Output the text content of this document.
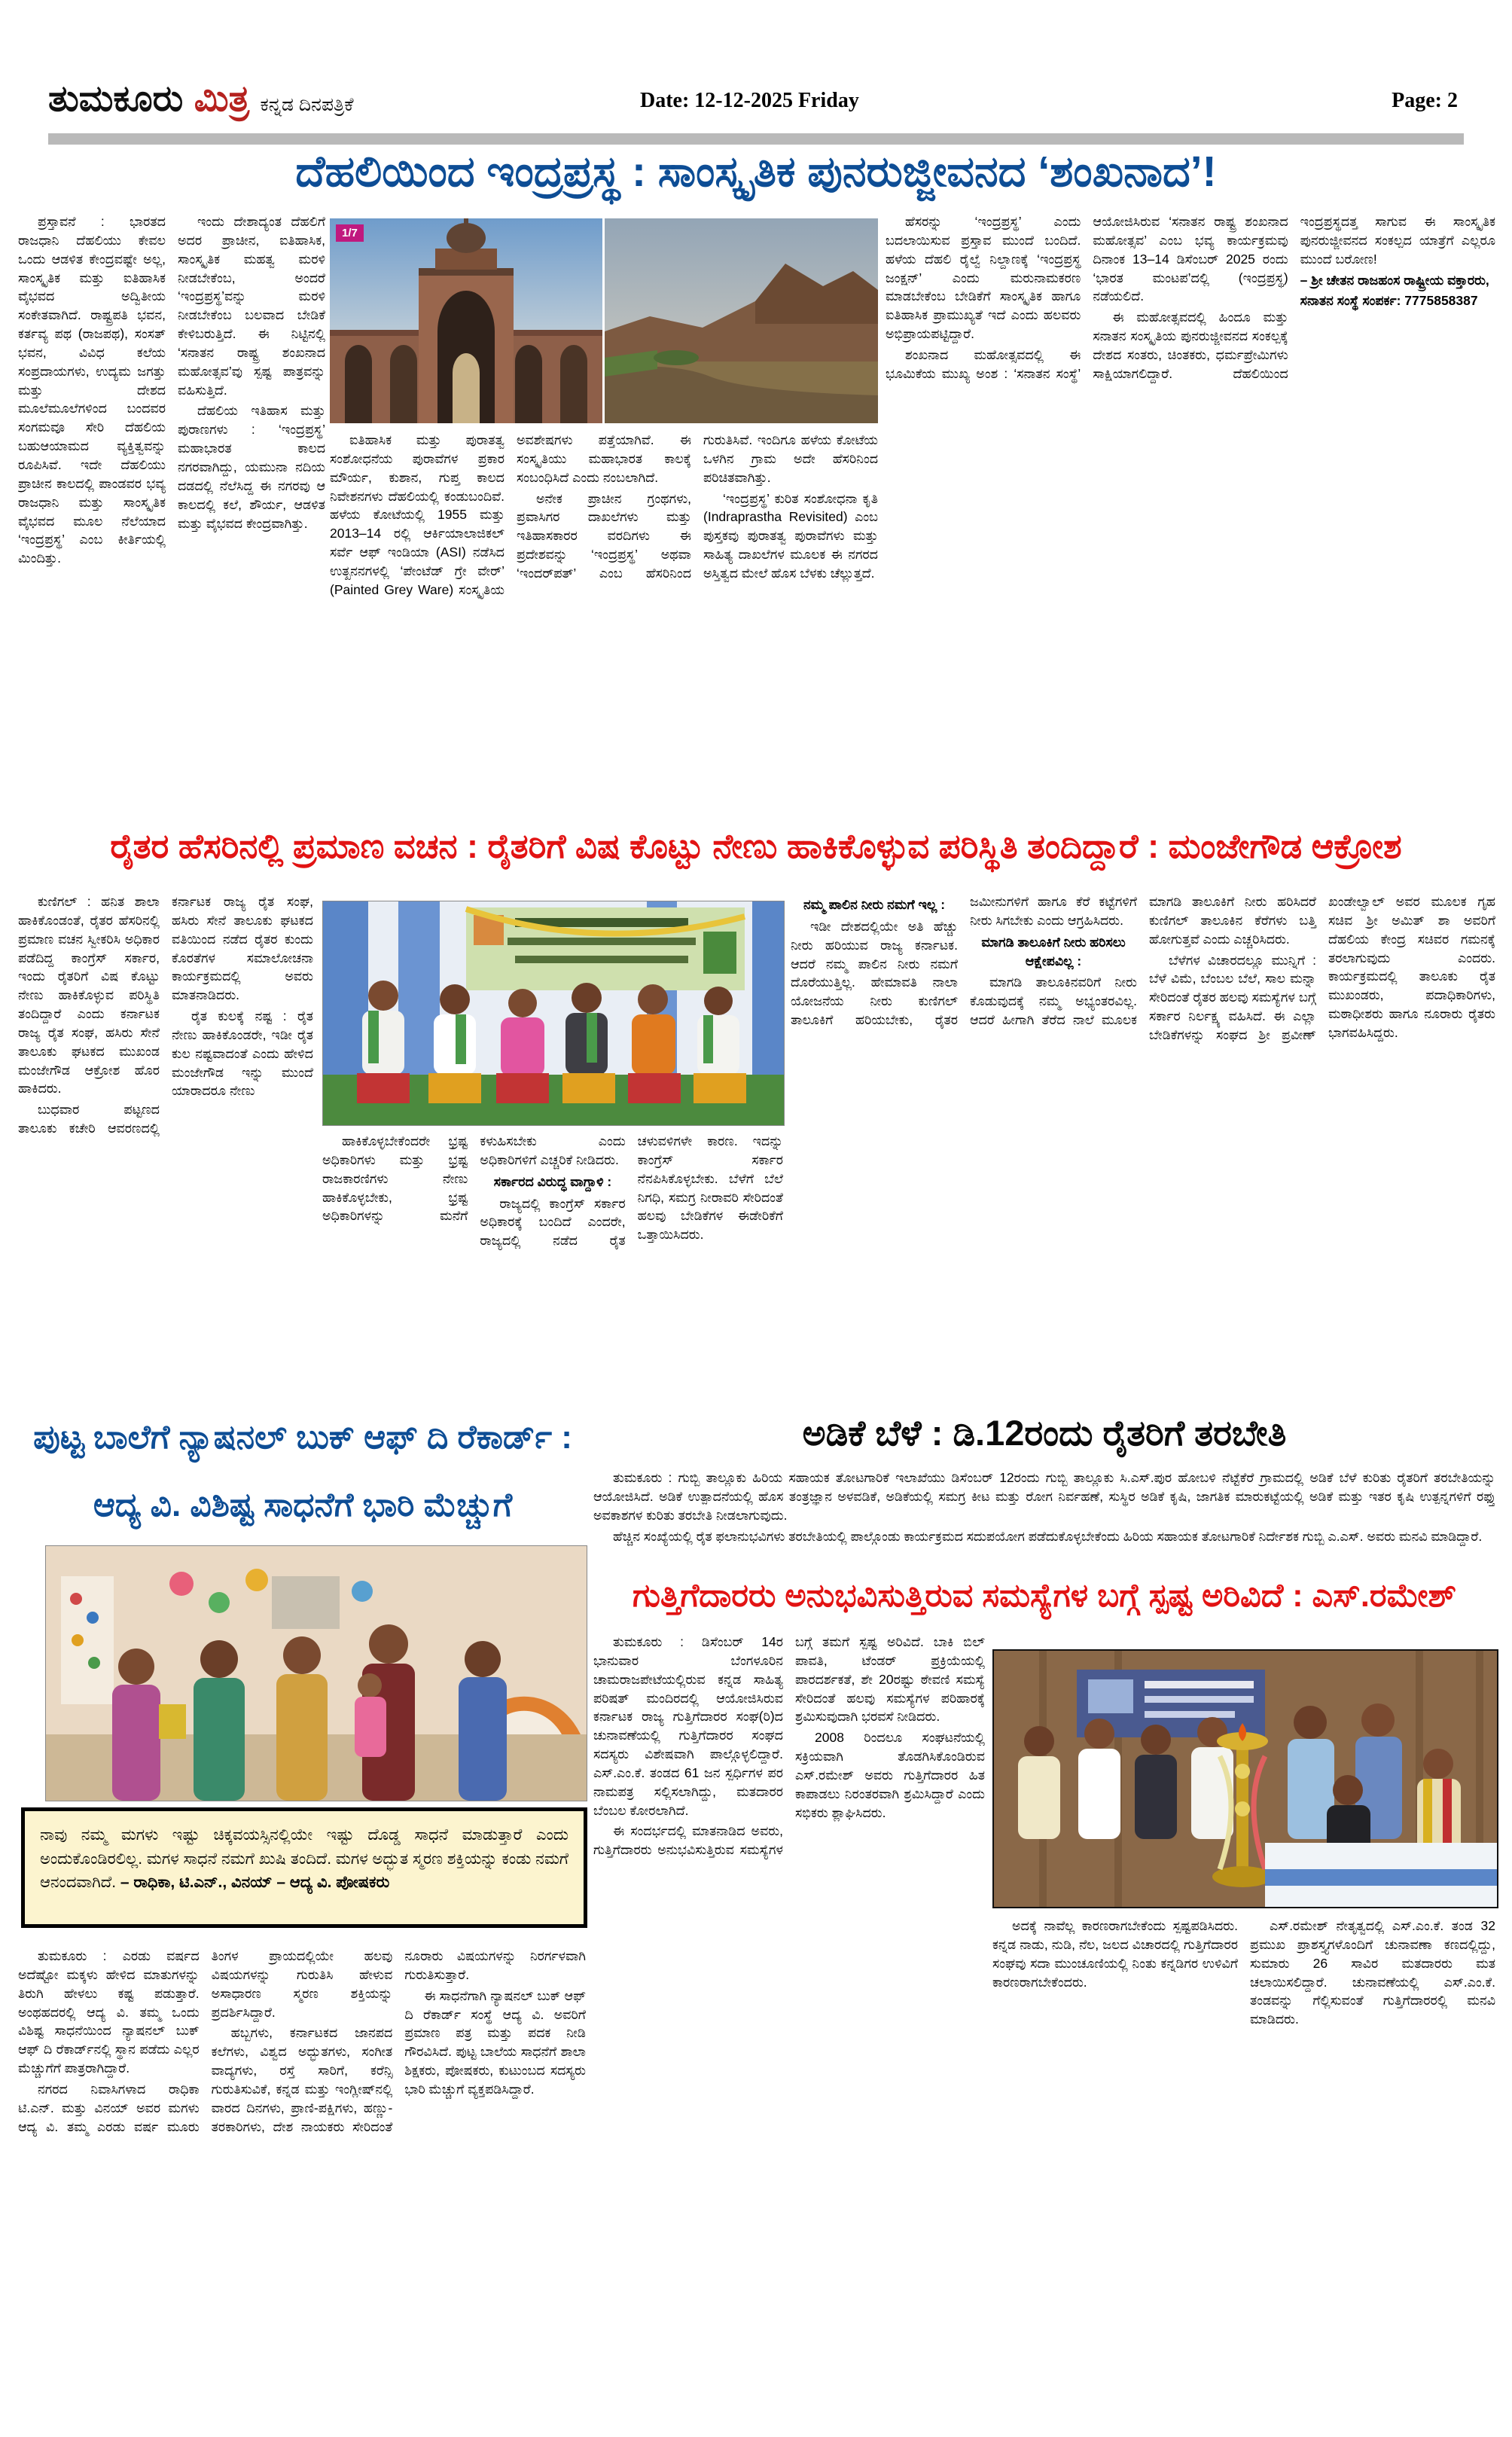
ತುಮಕೂರು ಮಿತ್ರ ಕನ್ನಡ ದಿನಪತ್ರಿಕೆ	Date: 12-12-2025 Friday	Page: 2
ದೆಹಲಿಯಿಂದ ಇಂದ್ರಪ್ರಸ್ಥ : ಸಾಂಸ್ಕೃತಿಕ ಪುನರುಜ್ಜೀವನದ ‘ಶಂಖನಾದ’!

ಪ್ರಸ್ತಾವನೆ : ಭಾರತದ ರಾಜಧಾನಿ ದೆಹಲಿಯು ಕೇವಲ ಒಂದು ಆಡಳಿತ ಕೇಂದ್ರವಷ್ಟೇ ಅಲ್ಲ, ಸಾಂಸ್ಕೃತಿಕ ಮತ್ತು ಐತಿಹಾಸಿಕ ವೈಭವದ ಅದ್ವಿತೀಯ ಸಂಕೇತವಾಗಿದೆ. ರಾಷ್ಟ್ರಪತಿ ಭವನ, ಕರ್ತವ್ಯ ಪಥ (ರಾಜಪಥ), ಸಂಸತ್ ಭವನ, ವಿವಿಧ ಕಲೆಯ ಸಂಪ್ರದಾಯಗಳು, ಉದ್ಯಮ ಜಗತ್ತು ಮತ್ತು ದೇಶದ ಮೂಲೆಮೂಲೆಗಳಿಂದ ಬಂದವರ ಸಂಗಮವೂ ಸೇರಿ ದೆಹಲಿಯ ಬಹುಆಯಾಮದ ವ್ಯಕ್ತಿತ್ವವನ್ನು ರೂಪಿಸಿವೆ. ಇದೇ ದೆಹಲಿಯು ಪ್ರಾಚೀನ ಕಾಲದಲ್ಲಿ ಪಾಂಡವರ ಭವ್ಯ ರಾಜಧಾನಿ ಮತ್ತು ಸಾಂಸ್ಕೃತಿಕ ವೈಭವದ ಮೂಲ ನೆಲೆಯಾದ ‘ಇಂದ್ರಪ್ರಸ್ಥ’ ಎಂಬ ಕೀರ್ತಿಯಲ್ಲಿ ಮಿಂದಿತ್ತು.

ಇಂದು ದೇಶಾದ್ಯಂತ ದೆಹಲಿಗೆ ಅದರ ಪ್ರಾಚೀನ, ಐತಿಹಾಸಿಕ, ಸಾಂಸ್ಕೃತಿಕ ಮಹತ್ವ ಮರಳಿ ನೀಡಬೇಕೆಂಬ, ಅಂದರೆ ‘ಇಂದ್ರಪ್ರಸ್ಥ’ವನ್ನು ಮರಳಿ ನೀಡಬೇಕೆಂಬ ಬಲವಾದ ಬೇಡಿಕೆ ಕೇಳಿಬರುತ್ತಿದೆ. ಈ ನಿಟ್ಟಿನಲ್ಲಿ ‘ಸನಾತನ ರಾಷ್ಟ್ರ ಶಂಖನಾದ ಮಹೋತ್ಸವ’ವು ಸ್ಪಷ್ಟ ಪಾತ್ರವನ್ನು ವಹಿಸುತ್ತಿದೆ.

ದೆಹಲಿಯ ಇತಿಹಾಸ ಮತ್ತು ಪುರಾಣಗಳು : ‘ಇಂದ್ರಪ್ರಸ್ಥ’ ಮಹಾಭಾರತ ಕಾಲದ ನಗರವಾಗಿದ್ದು, ಯಮುನಾ ನದಿಯ ದಡದಲ್ಲಿ ನೆಲೆಸಿದ್ದ ಈ ನಗರವು ಆ ಕಾಲದಲ್ಲಿ ಕಲೆ, ಶೌರ್ಯ, ಆಡಳಿತ ಮತ್ತು ವೈಭವದ ಕೇಂದ್ರವಾಗಿತ್ತು.

1/7

ಐತಿಹಾಸಿಕ ಮತ್ತು ಪುರಾತತ್ವ ಸಂಶೋಧನೆಯ ಪುರಾವೆಗಳ ಪ್ರಕಾರ ಮೌರ್ಯ, ಕುಶಾನ, ಗುಪ್ತ ಕಾಲದ ನಿವೇಶನಗಳು ದೆಹಲಿಯಲ್ಲಿ ಕಂಡುಬಂದಿವೆ. ಹಳೆಯ ಕೋಟೆಯಲ್ಲಿ 1955 ಮತ್ತು 2013–14 ರಲ್ಲಿ ಆರ್ಕಿಯಾಲಾಜಿಕಲ್ ಸರ್ವೆ ಆಫ್ ಇಂಡಿಯಾ (ASI) ನಡೆಸಿದ ಉತ್ಖನನಗಳಲ್ಲಿ ‘ಪೇಂಟೆಡ್ ಗ್ರೇ ವೇರ್’ (Painted Grey Ware) ಸಂಸ್ಕೃತಿಯ ಅವಶೇಷಗಳು ಪತ್ತೆಯಾಗಿವೆ. ಈ ಸಂಸ್ಕೃತಿಯು ಮಹಾಭಾರತ ಕಾಲಕ್ಕೆ ಸಂಬಂಧಿಸಿದೆ ಎಂದು ನಂಬಲಾಗಿದೆ.

ಅನೇಕ ಪ್ರಾಚೀನ ಗ್ರಂಥಗಳು, ಪ್ರವಾಸಿಗರ ದಾಖಲೆಗಳು ಮತ್ತು ಇತಿಹಾಸಕಾರರ ವರದಿಗಳು ಈ ಪ್ರದೇಶವನ್ನು ‘ಇಂದ್ರಪ್ರಸ್ಥ’ ಅಥವಾ ‘ಇಂದರ್‌ಪತ್’ ಎಂಬ ಹೆಸರಿನಿಂದ ಗುರುತಿಸಿವೆ. ಇಂದಿಗೂ ಹಳೆಯ ಕೋಟೆಯ ಒಳಗಿನ ಗ್ರಾಮ ಅದೇ ಹೆಸರಿನಿಂದ ಪರಿಚಿತವಾಗಿತ್ತು.

‘ಇಂದ್ರಪ್ರಸ್ಥ’ ಕುರಿತ ಸಂಶೋಧನಾ ಕೃತಿ (Indraprastha Revisited) ಎಂಬ ಪುಸ್ತಕವು ಪುರಾತತ್ವ ಪುರಾವೆಗಳು ಮತ್ತು ಸಾಹಿತ್ಯ ದಾಖಲೆಗಳ ಮೂಲಕ ಈ ನಗರದ ಅಸ್ತಿತ್ವದ ಮೇಲೆ ಹೊಸ ಬೆಳಕು ಚೆಲ್ಲುತ್ತದೆ.

ಹೆಸರನ್ನು ‘ಇಂದ್ರಪ್ರಸ್ಥ’ ಎಂದು ಬದಲಾಯಿಸುವ ಪ್ರಸ್ತಾವ ಮುಂದೆ ಬಂದಿದೆ. ಹಳೆಯ ದೆಹಲಿ ರೈಲ್ವೆ ನಿಲ್ದಾಣಕ್ಕೆ ‘ಇಂದ್ರಪ್ರಸ್ಥ ಜಂಕ್ಷನ್’ ಎಂದು ಮರುನಾಮಕರಣ ಮಾಡಬೇಕೆಂಬ ಬೇಡಿಕೆಗೆ ಸಾಂಸ್ಕೃತಿಕ ಹಾಗೂ ಐತಿಹಾಸಿಕ ಪ್ರಾಮುಖ್ಯತೆ ಇದೆ ಎಂದು ಹಲವರು ಅಭಿಪ್ರಾಯಪಟ್ಟಿದ್ದಾರೆ.

ಶಂಖನಾದ ಮಹೋತ್ಸವದಲ್ಲಿ ಈ ಭೂಮಿಕೆಯ ಮುಖ್ಯ ಅಂಶ : ‘ಸನಾತನ ಸಂಸ್ಥೆ’ ಆಯೋಜಿಸಿರುವ ‘ಸನಾತನ ರಾಷ್ಟ್ರ ಶಂಖನಾದ ಮಹೋತ್ಸವ’ ಎಂಬ ಭವ್ಯ ಕಾರ್ಯಕ್ರಮವು ದಿನಾಂಕ 13–14 ಡಿಸೆಂಬರ್ 2025 ರಂದು ‘ಭಾರತ ಮಂಟಪ’ದಲ್ಲಿ (ಇಂದ್ರಪ್ರಸ್ಥ) ನಡೆಯಲಿದೆ.

ಈ ಮಹೋತ್ಸವದಲ್ಲಿ ಹಿಂದೂ ಮತ್ತು ಸನಾತನ ಸಂಸ್ಕೃತಿಯ ಪುನರುಜ್ಜೀವನದ ಸಂಕಲ್ಪಕ್ಕೆ ದೇಶದ ಸಂತರು, ಚಿಂತಕರು, ಧರ್ಮಪ್ರೇಮಿಗಳು ಸಾಕ್ಷಿಯಾಗಲಿದ್ದಾರೆ. ದೆಹಲಿಯಿಂದ ಇಂದ್ರಪ್ರಸ್ಥದತ್ತ ಸಾಗುವ ಈ ಸಾಂಸ್ಕೃತಿಕ ಪುನರುಜ್ಜೀವನದ ಸಂಕಲ್ಪದ ಯಾತ್ರೆಗೆ ಎಲ್ಲರೂ ಮುಂದೆ ಬರೋಣ!

– ಶ್ರೀ ಚೇತನ ರಾಜಹಂಸ ರಾಷ್ಟ್ರೀಯ ವಕ್ತಾರರು,

ಸನಾತನ ಸಂಸ್ಥೆ ಸಂಪರ್ಕ: 7775858387

ರೈತರ ಹೆಸರಿನಲ್ಲಿ ಪ್ರಮಾಣ ವಚನ : ರೈತರಿಗೆ ವಿಷ ಕೊಟ್ಟು ನೇಣು ಹಾಕಿಕೊಳ್ಳುವ ಪರಿಸ್ಥಿತಿ ತಂದಿದ್ದಾರೆ : ಮಂಜೇಗೌಡ ಆಕ್ರೋಶ

ಕುಣಿಗಲ್ : ಹನಿತ ಶಾಲಾ ಹಾಕಿಕೊಂಡಂತೆ, ರೈತರ ಹೆಸರಿನಲ್ಲಿ ಪ್ರಮಾಣ ವಚನ ಸ್ವೀಕರಿಸಿ ಅಧಿಕಾರ ಪಡೆದಿದ್ದ ಕಾಂಗ್ರೆಸ್ ಸರ್ಕಾರ, ಇಂದು ರೈತರಿಗೆ ವಿಷ ಕೊಟ್ಟು ನೇಣು ಹಾಕಿಕೊಳ್ಳುವ ಪರಿಸ್ಥಿತಿ ತಂದಿದ್ದಾರೆ ಎಂದು ಕರ್ನಾಟಕ ರಾಜ್ಯ ರೈತ ಸಂಘ, ಹಸಿರು ಸೇನೆ ತಾಲೂಕು ಘಟಕದ ಮುಖಂಡ ಮಂಜೇಗೌಡ ಆಕ್ರೋಶ ಹೊರ ಹಾಕಿದರು.

ಬುಧವಾರ ಪಟ್ಟಣದ ತಾಲೂಕು ಕಚೇರಿ ಆವರಣದಲ್ಲಿ ಕರ್ನಾಟಕ ರಾಜ್ಯ ರೈತ ಸಂಘ, ಹಸಿರು ಸೇನೆ ತಾಲೂಕು ಘಟಕದ ವತಿಯಿಂದ ನಡೆದ ರೈತರ ಕುಂದು ಕೊರತೆಗಳ ಸಮಾಲೋಚನಾ ಕಾರ್ಯಕ್ರಮದಲ್ಲಿ ಅವರು ಮಾತನಾಡಿದರು.

ರೈತ ಕುಲಕ್ಕೆ ನಷ್ಟ : ರೈತ ನೇಣು ಹಾಕಿಕೊಂಡರೇ, ಇಡೀ ರೈತ ಕುಲ ನಷ್ಟವಾದಂತೆ ಎಂದು ಹೇಳಿದ ಮಂಜೇಗೌಡ ಇನ್ನು ಮುಂದೆ ಯಾರಾದರೂ ನೇಣು

ಹಾಕಿಕೊಳ್ಳಬೇಕೆಂದರೇ ಭ್ರಷ್ಟ ಅಧಿಕಾರಿಗಳು ಮತ್ತು ಭ್ರಷ್ಟ ರಾಜಕಾರಣಿಗಳು ನೇಣು ಹಾಕಿಕೊಳ್ಳಬೇಕು, ಭ್ರಷ್ಟ ಅಧಿಕಾರಿಗಳನ್ನು ಮನೆಗೆ ಕಳುಹಿಸಬೇಕು ಎಂದು ಅಧಿಕಾರಿಗಳಿಗೆ ಎಚ್ಚರಿಕೆ ನೀಡಿದರು.

ಸರ್ಕಾರದ ವಿರುದ್ಧ ವಾಗ್ದಾಳಿ :

ರಾಜ್ಯದಲ್ಲಿ ಕಾಂಗ್ರೆಸ್ ಸರ್ಕಾರ ಅಧಿಕಾರಕ್ಕೆ ಬಂದಿದೆ ಎಂದರೇ, ರಾಜ್ಯದಲ್ಲಿ ನಡೆದ ರೈತ ಚಳುವಳಿಗಳೇ ಕಾರಣ. ಇದನ್ನು ಕಾಂಗ್ರೆಸ್ ಸರ್ಕಾರ ನೆನಪಿಸಿಕೊಳ್ಳಬೇಕು. ಬೆಳೆಗೆ ಬೆಲೆ ನಿಗಧಿ, ಸಮಗ್ರ ನೀರಾವರಿ ಸೇರಿದಂತೆ ಹಲವು ಬೇಡಿಕೆಗಳ ಈಡೇರಿಕೆಗೆ ಒತ್ತಾಯಿಸಿದರು.

ನಮ್ಮ ಪಾಲಿನ ನೀರು ನಮಗೆ ಇಲ್ಲ :

ಇಡೀ ದೇಶದಲ್ಲಿಯೇ ಅತಿ ಹೆಚ್ಚು ನೀರು ಹರಿಯುವ ರಾಜ್ಯ ಕರ್ನಾಟಕ. ಆದರೆ ನಮ್ಮ ಪಾಲಿನ ನೀರು ನಮಗೆ ದೊರೆಯುತ್ತಿಲ್ಲ. ಹೇಮಾವತಿ ನಾಲಾ ಯೋಜನೆಯ ನೀರು ಕುಣಿಗಲ್ ತಾಲೂಕಿಗೆ ಹರಿಯಬೇಕು, ರೈತರ ಜಮೀನುಗಳಿಗೆ ಹಾಗೂ ಕೆರೆ ಕಟ್ಟೆಗಳಿಗೆ ನೀರು ಸಿಗಬೇಕು ಎಂದು ಆಗ್ರಹಿಸಿದರು.

ಮಾಗಡಿ ತಾಲೂಕಿಗೆ ನೀರು ಹರಿಸಲು ಆಕ್ಷೇಪವಿಲ್ಲ :

ಮಾಗಡಿ ತಾಲೂಕಿನವರಿಗೆ ನೀರು ಕೊಡುವುದಕ್ಕೆ ನಮ್ಮ ಅಭ್ಯಂತರವಿಲ್ಲ. ಆದರೆ ಹೀಗಾಗಿ ತೆರೆದ ನಾಲೆ ಮೂಲಕ ಮಾಗಡಿ ತಾಲೂಕಿಗೆ ನೀರು ಹರಿಸಿದರೆ ಕುಣಿಗಲ್ ತಾಲೂಕಿನ ಕೆರೆಗಳು ಬತ್ತಿ ಹೋಗುತ್ತವೆ ಎಂದು ಎಚ್ಚರಿಸಿದರು.

ಬೆಳೆಗಳ ವಿಚಾರದಲ್ಲೂ ಮುನ್ನಿಗೆ : ಬೆಳೆ ವಿಮೆ, ಬೆಂಬಲ ಬೆಲೆ, ಸಾಲ ಮನ್ನಾ ಸೇರಿದಂತೆ ರೈತರ ಹಲವು ಸಮಸ್ಯೆಗಳ ಬಗ್ಗೆ ಸರ್ಕಾರ ನಿರ್ಲಕ್ಷ್ಯ ವಹಿಸಿದೆ. ಈ ಎಲ್ಲಾ ಬೇಡಿಕೆಗಳನ್ನು ಸಂಘದ ಶ್ರೀ ಪ್ರವೀಣ್ ಖಂಡೇಲ್ವಾಲ್ ಅವರ ಮೂಲಕ ಗೃಹ ಸಚಿವ ಶ್ರೀ ಅಮಿತ್ ಶಾ ಅವರಿಗೆ ದೆಹಲಿಯ ಕೇಂದ್ರ ಸಚಿವರ ಗಮನಕ್ಕೆ ತರಲಾಗುವುದು ಎಂದರು. ಕಾರ್ಯಕ್ರಮದಲ್ಲಿ ತಾಲೂಕು ರೈತ ಮುಖಂಡರು, ಪದಾಧಿಕಾರಿಗಳು, ಮಠಾಧೀಶರು ಹಾಗೂ ನೂರಾರು ರೈತರು ಭಾಗವಹಿಸಿದ್ದರು.

ಪುಟ್ಟ ಬಾಲೆಗೆ ನ್ಯಾಷನಲ್ ಬುಕ್ ಆಫ್ ದಿ ರೆಕಾರ್ಡ್ :
ಆದ್ಯ ವಿ. ವಿಶಿಷ್ಟ ಸಾಧನೆಗೆ ಭಾರಿ ಮೆಚ್ಚುಗೆ
ನಾವು ನಮ್ಮ ಮಗಳು ಇಷ್ಟು ಚಿಕ್ಕವಯಸ್ಸಿನಲ್ಲಿಯೇ ಇಷ್ಟು ದೊಡ್ಡ ಸಾಧನೆ ಮಾಡುತ್ತಾರೆ ಎಂದು ಅಂದುಕೊಂಡಿರಲಿಲ್ಲ. ಮಗಳ ಸಾಧನೆ ನಮಗೆ ಖುಷಿ ತಂದಿದೆ. ಮಗಳ ಅದ್ಭುತ ಸ್ಮರಣ ಶಕ್ತಿಯನ್ನು ಕಂಡು ನಮಗೆ ಆನಂದವಾಗಿದೆ. – ರಾಧಿಕಾ, ಟಿ.ಎನ್., ವಿನಯ್ – ಆದ್ಯ ವಿ. ಪೋಷಕರು

ತುಮಕೂರು : ಎರಡು ವರ್ಷದ ಅದೆಷ್ಟೋ ಮಕ್ಕಳು ಹೇಳಿದ ಮಾತುಗಳನ್ನು ತಿರುಗಿ ಹೇಳಲು ಕಷ್ಟ ಪಡುತ್ತಾರೆ. ಅಂಥಹದರಲ್ಲಿ ಆದ್ಯ ವಿ. ತಮ್ಮ ಒಂದು ವಿಶಿಷ್ಟ ಸಾಧನೆಯಿಂದ ನ್ಯಾಷನಲ್ ಬುಕ್ ಆಫ್ ದಿ ರೆಕಾರ್ಡ್‌ನಲ್ಲಿ ಸ್ಥಾನ ಪಡೆದು ಎಲ್ಲರ ಮೆಚ್ಚುಗೆಗೆ ಪಾತ್ರರಾಗಿದ್ದಾರೆ.

ನಗರದ ನಿವಾಸಿಗಳಾದ ರಾಧಿಕಾ ಟಿ.ಎನ್. ಮತ್ತು ವಿನಯ್ ಅವರ ಮಗಳು ಆದ್ಯ ವಿ. ತಮ್ಮ ಎರಡು ವರ್ಷ ಮೂರು ತಿಂಗಳ ಪ್ರಾಯದಲ್ಲಿಯೇ ಹಲವು ವಿಷಯಗಳನ್ನು ಗುರುತಿಸಿ ಹೇಳುವ ಅಸಾಧಾರಣ ಸ್ಮರಣ ಶಕ್ತಿಯನ್ನು ಪ್ರದರ್ಶಿಸಿದ್ದಾರೆ.

ಹಬ್ಬಗಳು, ಕರ್ನಾಟಕದ ಜಾನಪದ ಕಲೆಗಳು, ವಿಶ್ವದ ಅದ್ಭುತಗಳು, ಸಂಗೀತ ವಾದ್ಯಗಳು, ರಸ್ತೆ ಸಾರಿಗೆ, ಕರೆನ್ಸಿ ಗುರುತಿಸುವಿಕೆ, ಕನ್ನಡ ಮತ್ತು ಇಂಗ್ಲೀಷ್‌ನಲ್ಲಿ ವಾರದ ದಿನಗಳು, ಪ್ರಾಣಿ-ಪಕ್ಷಿಗಳು, ಹಣ್ಣು-ತರಕಾರಿಗಳು, ದೇಶ ನಾಯಕರು ಸೇರಿದಂತೆ ನೂರಾರು ವಿಷಯಗಳನ್ನು ನಿರರ್ಗಳವಾಗಿ ಗುರುತಿಸುತ್ತಾರೆ.

ಈ ಸಾಧನೆಗಾಗಿ ನ್ಯಾಷನಲ್ ಬುಕ್ ಆಫ್ ದಿ ರೆಕಾರ್ಡ್ ಸಂಸ್ಥೆ ಆದ್ಯ ವಿ. ಅವರಿಗೆ ಪ್ರಮಾಣ ಪತ್ರ ಮತ್ತು ಪದಕ ನೀಡಿ ಗೌರವಿಸಿದೆ. ಪುಟ್ಟ ಬಾಲೆಯ ಸಾಧನೆಗೆ ಶಾಲಾ ಶಿಕ್ಷಕರು, ಪೋಷಕರು, ಕುಟುಂಬದ ಸದಸ್ಯರು ಭಾರಿ ಮೆಚ್ಚುಗೆ ವ್ಯಕ್ತಪಡಿಸಿದ್ದಾರೆ.

ಅಡಿಕೆ ಬೆಳೆ : ಡಿ.12ರಂದು ರೈತರಿಗೆ ತರಬೇತಿ

ತುಮಕೂರು : ಗುಬ್ಬಿ ತಾಲ್ಲೂಕು ಹಿರಿಯ ಸಹಾಯಕ ತೋಟಗಾರಿಕೆ ಇಲಾಖೆಯು ಡಿಸೆಂಬರ್ 12ರಂದು ಗುಬ್ಬಿ ತಾಲ್ಲೂಕು ಸಿ.ಎಸ್.ಪುರ ಹೋಬಳಿ ನೆಟ್ಟೆಕೆರೆ ಗ್ರಾಮದಲ್ಲಿ ಅಡಿಕೆ ಬೆಳೆ ಕುರಿತು ರೈತರಿಗೆ ತರಬೇತಿಯನ್ನು ಆಯೋಜಿಸಿದೆ. ಅಡಿಕೆ ಉತ್ಪಾದನೆಯಲ್ಲಿ ಹೊಸ ತಂತ್ರಜ್ಞಾನ ಅಳವಡಿಕೆ, ಅಡಿಕೆಯಲ್ಲಿ ಸಮಗ್ರ ಕೀಟ ಮತ್ತು ರೋಗ ನಿರ್ವಹಣೆ, ಸುಸ್ಥಿರ ಅಡಿಕೆ ಕೃಷಿ, ಜಾಗತಿಕ ಮಾರುಕಟ್ಟೆಯಲ್ಲಿ ಅಡಿಕೆ ಮತ್ತು ಇತರ ಕೃಷಿ ಉತ್ಪನ್ನಗಳಿಗೆ ರಫ್ತು ಅವಕಾಶಗಳ ಕುರಿತು ತರಬೇತಿ ನೀಡಲಾಗುವುದು.

ಹೆಚ್ಚಿನ ಸಂಖ್ಯೆಯಲ್ಲಿ ರೈತ ಫಲಾನುಭವಿಗಳು ತರಬೇತಿಯಲ್ಲಿ ಪಾಲ್ಗೊಂಡು ಕಾರ್ಯಕ್ರಮದ ಸದುಪಯೋಗ ಪಡೆದುಕೊಳ್ಳಬೇಕೆಂದು ಹಿರಿಯ ಸಹಾಯಕ ತೋಟಗಾರಿಕೆ ನಿರ್ದೇಶಕ ಗುಬ್ಬಿ ಎ.ಎಸ್. ಅವರು ಮನವಿ ಮಾಡಿದ್ದಾರೆ.

ಗುತ್ತಿಗೆದಾರರು ಅನುಭವಿಸುತ್ತಿರುವ ಸಮಸ್ಯೆಗಳ ಬಗ್ಗೆ ಸ್ಪಷ್ಟ ಅರಿವಿದೆ : ಎಸ್.ರಮೇಶ್

ತುಮಕೂರು : ಡಿಸೆಂಬರ್ 14ರ ಭಾನುವಾರ ಬೆಂಗಳೂರಿನ ಚಾಮರಾಜಪೇಟೆಯಲ್ಲಿರುವ ಕನ್ನಡ ಸಾಹಿತ್ಯ ಪರಿಷತ್ ಮಂದಿರದಲ್ಲಿ ಆಯೋಜಿಸಿರುವ ಕರ್ನಾಟಕ ರಾಜ್ಯ ಗುತ್ತಿಗೆದಾರರ ಸಂಘ(ರಿ)ದ ಚುನಾವಣೆಯಲ್ಲಿ ಗುತ್ತಿಗೆದಾರರ ಸಂಘದ ಸದಸ್ಯರು ವಿಶೇಷವಾಗಿ ಪಾಲ್ಗೊಳ್ಳಲಿದ್ದಾರೆ. ಎಸ್.ಎಂ.ಕೆ. ತಂಡದ 61 ಜನ ಸ್ಪರ್ಧಿಗಳ ಪರ ನಾಮಪತ್ರ ಸಲ್ಲಿಸಲಾಗಿದ್ದು, ಮತದಾರರ ಬೆಂಬಲ ಕೋರಲಾಗಿದೆ.

ಈ ಸಂದರ್ಭದಲ್ಲಿ ಮಾತನಾಡಿದ ಅವರು, ಗುತ್ತಿಗೆದಾರರು ಅನುಭವಿಸುತ್ತಿರುವ ಸಮಸ್ಯೆಗಳ ಬಗ್ಗೆ ತಮಗೆ ಸ್ಪಷ್ಟ ಅರಿವಿದೆ. ಬಾಕಿ ಬಿಲ್ ಪಾವತಿ, ಟೆಂಡರ್ ಪ್ರಕ್ರಿಯೆಯಲ್ಲಿ ಪಾರದರ್ಶಕತೆ, ಶೇ 20ರಷ್ಟು ಠೇವಣಿ ಸಮಸ್ಯೆ ಸೇರಿದಂತೆ ಹಲವು ಸಮಸ್ಯೆಗಳ ಪರಿಹಾರಕ್ಕೆ ಶ್ರಮಿಸುವುದಾಗಿ ಭರವಸೆ ನೀಡಿದರು.

2008 ರಿಂದಲೂ ಸಂಘಟನೆಯಲ್ಲಿ ಸಕ್ರಿಯವಾಗಿ ತೊಡಗಿಸಿಕೊಂಡಿರುವ ಎಸ್.ರಮೇಶ್ ಅವರು ಗುತ್ತಿಗೆದಾರರ ಹಿತ ಕಾಪಾಡಲು ನಿರಂತರವಾಗಿ ಶ್ರಮಿಸಿದ್ದಾರೆ ಎಂದು ಸಭಿಕರು ಶ್ಲಾಘಿಸಿದರು.

ಅದಕ್ಕೆ ನಾವೆಲ್ಲ ಕಾರಣರಾಗಬೇಕೆಂದು ಸ್ಪಷ್ಟಪಡಿಸಿದರು. ಕನ್ನಡ ನಾಡು, ನುಡಿ, ನೆಲ, ಜಲದ ವಿಚಾರದಲ್ಲಿ ಗುತ್ತಿಗೆದಾರರ ಸಂಘವು ಸದಾ ಮುಂಚೂಣಿಯಲ್ಲಿ ನಿಂತು ಕನ್ನಡಿಗರ ಉಳಿವಿಗೆ ಕಾರಣರಾಗಬೇಕೆಂದರು.

ಎಸ್.ರಮೇಶ್ ನೇತೃತ್ವದಲ್ಲಿ ಎಸ್.ಎಂ.ಕೆ. ತಂಡ 32 ಪ್ರಮುಖ ಪ್ರಾಶಸ್ತ್ಯಗಳೊಂದಿಗೆ ಚುನಾವಣಾ ಕಣದಲ್ಲಿದ್ದು, ಸುಮಾರು 26 ಸಾವಿರ ಮತದಾರರು ಮತ ಚಲಾಯಿಸಲಿದ್ದಾರೆ. ಚುನಾವಣೆಯಲ್ಲಿ ಎಸ್.ಎಂ.ಕೆ. ತಂಡವನ್ನು ಗೆಲ್ಲಿಸುವಂತೆ ಗುತ್ತಿಗೆದಾರರಲ್ಲಿ ಮನವಿ ಮಾಡಿದರು.
